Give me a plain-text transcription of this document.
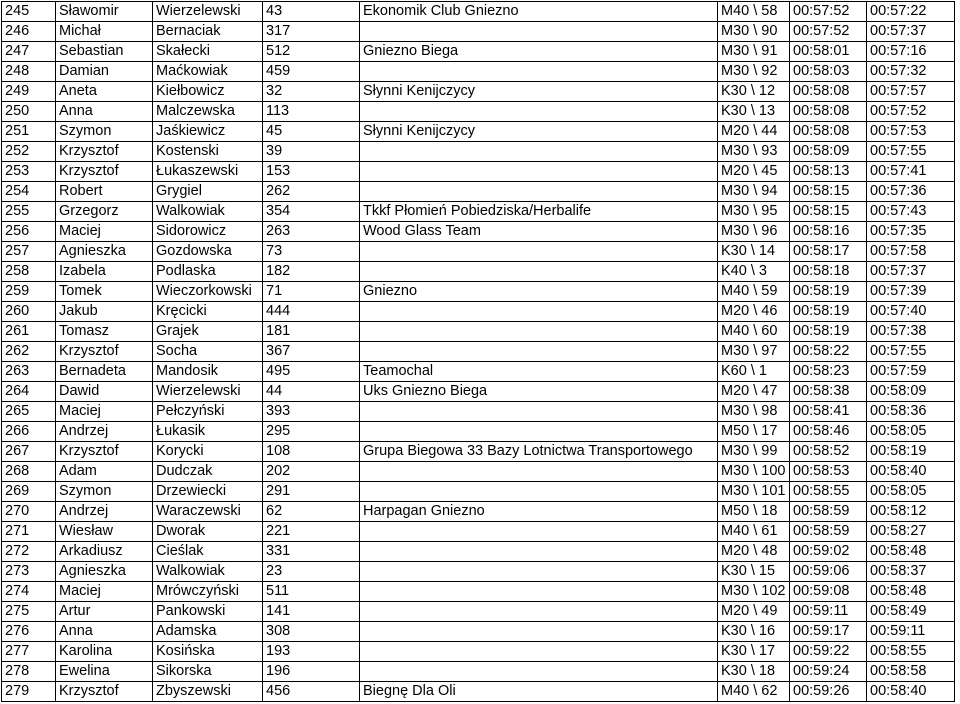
245	Sławomir	Wierzelewski	43	Ekonomik Club Gniezno	M40 \ 58	00:57:52	00:57:22
246	Michał	Bernaciak	317		M30 \ 90	00:57:52	00:57:37
247	Sebastian	Skałecki	512	Gniezno Biega	M30 \ 91	00:58:01	00:57:16
248	Damian	Maćkowiak	459		M30 \ 92	00:58:03	00:57:32
249	Aneta	Kiełbowicz	32	Słynni Kenijczycy	K30 \ 12	00:58:08	00:57:57
250	Anna	Malczewska	113		K30 \ 13	00:58:08	00:57:52
251	Szymon	Jaśkiewicz	45	Słynni Kenijczycy	M20 \ 44	00:58:08	00:57:53
252	Krzysztof	Kostenski	39		M30 \ 93	00:58:09	00:57:55
253	Krzysztof	Łukaszewski	153		M20 \ 45	00:58:13	00:57:41
254	Robert	Grygiel	262		M30 \ 94	00:58:15	00:57:36
255	Grzegorz	Walkowiak	354	Tkkf Płomień Pobiedziska/Herbalife	M30 \ 95	00:58:15	00:57:43
256	Maciej	Sidorowicz	263	Wood Glass Team	M30 \ 96	00:58:16	00:57:35
257	Agnieszka	Gozdowska	73		K30 \ 14	00:58:17	00:57:58
258	Izabela	Podlaska	182		K40 \ 3	00:58:18	00:57:37
259	Tomek	Wieczorkowski	71	Gniezno	M40 \ 59	00:58:19	00:57:39
260	Jakub	Kręcicki	444		M20 \ 46	00:58:19	00:57:40
261	Tomasz	Grajek	181		M40 \ 60	00:58:19	00:57:38
262	Krzysztof	Socha	367		M30 \ 97	00:58:22	00:57:55
263	Bernadeta	Mandosik	495	Teamochal	K60 \ 1	00:58:23	00:57:59
264	Dawid	Wierzelewski	44	Uks Gniezno Biega	M20 \ 47	00:58:38	00:58:09
265	Maciej	Pełczyński	393		M30 \ 98	00:58:41	00:58:36
266	Andrzej	Łukasik	295		M50 \ 17	00:58:46	00:58:05
267	Krzysztof	Korycki	108	Grupa Biegowa 33 Bazy Lotnictwa Transportowego	M30 \ 99	00:58:52	00:58:19
268	Adam	Dudczak	202		M30 \ 100	00:58:53	00:58:40
269	Szymon	Drzewiecki	291		M30 \ 101	00:58:55	00:58:05
270	Andrzej	Waraczewski	62	Harpagan Gniezno	M50 \ 18	00:58:59	00:58:12
271	Wiesław	Dworak	221		M40 \ 61	00:58:59	00:58:27
272	Arkadiusz	Cieślak	331		M20 \ 48	00:59:02	00:58:48
273	Agnieszka	Walkowiak	23		K30 \ 15	00:59:06	00:58:37
274	Maciej	Mrówczyński	511		M30 \ 102	00:59:08	00:58:48
275	Artur	Pankowski	141		M20 \ 49	00:59:11	00:58:49
276	Anna	Adamska	308		K30 \ 16	00:59:17	00:59:11
277	Karolina	Kosińska	193		K30 \ 17	00:59:22	00:58:55
278	Ewelina	Sikorska	196		K30 \ 18	00:59:24	00:58:58
279	Krzysztof	Zbyszewski	456	Biegnę Dla Oli	M40 \ 62	00:59:26	00:58:40
